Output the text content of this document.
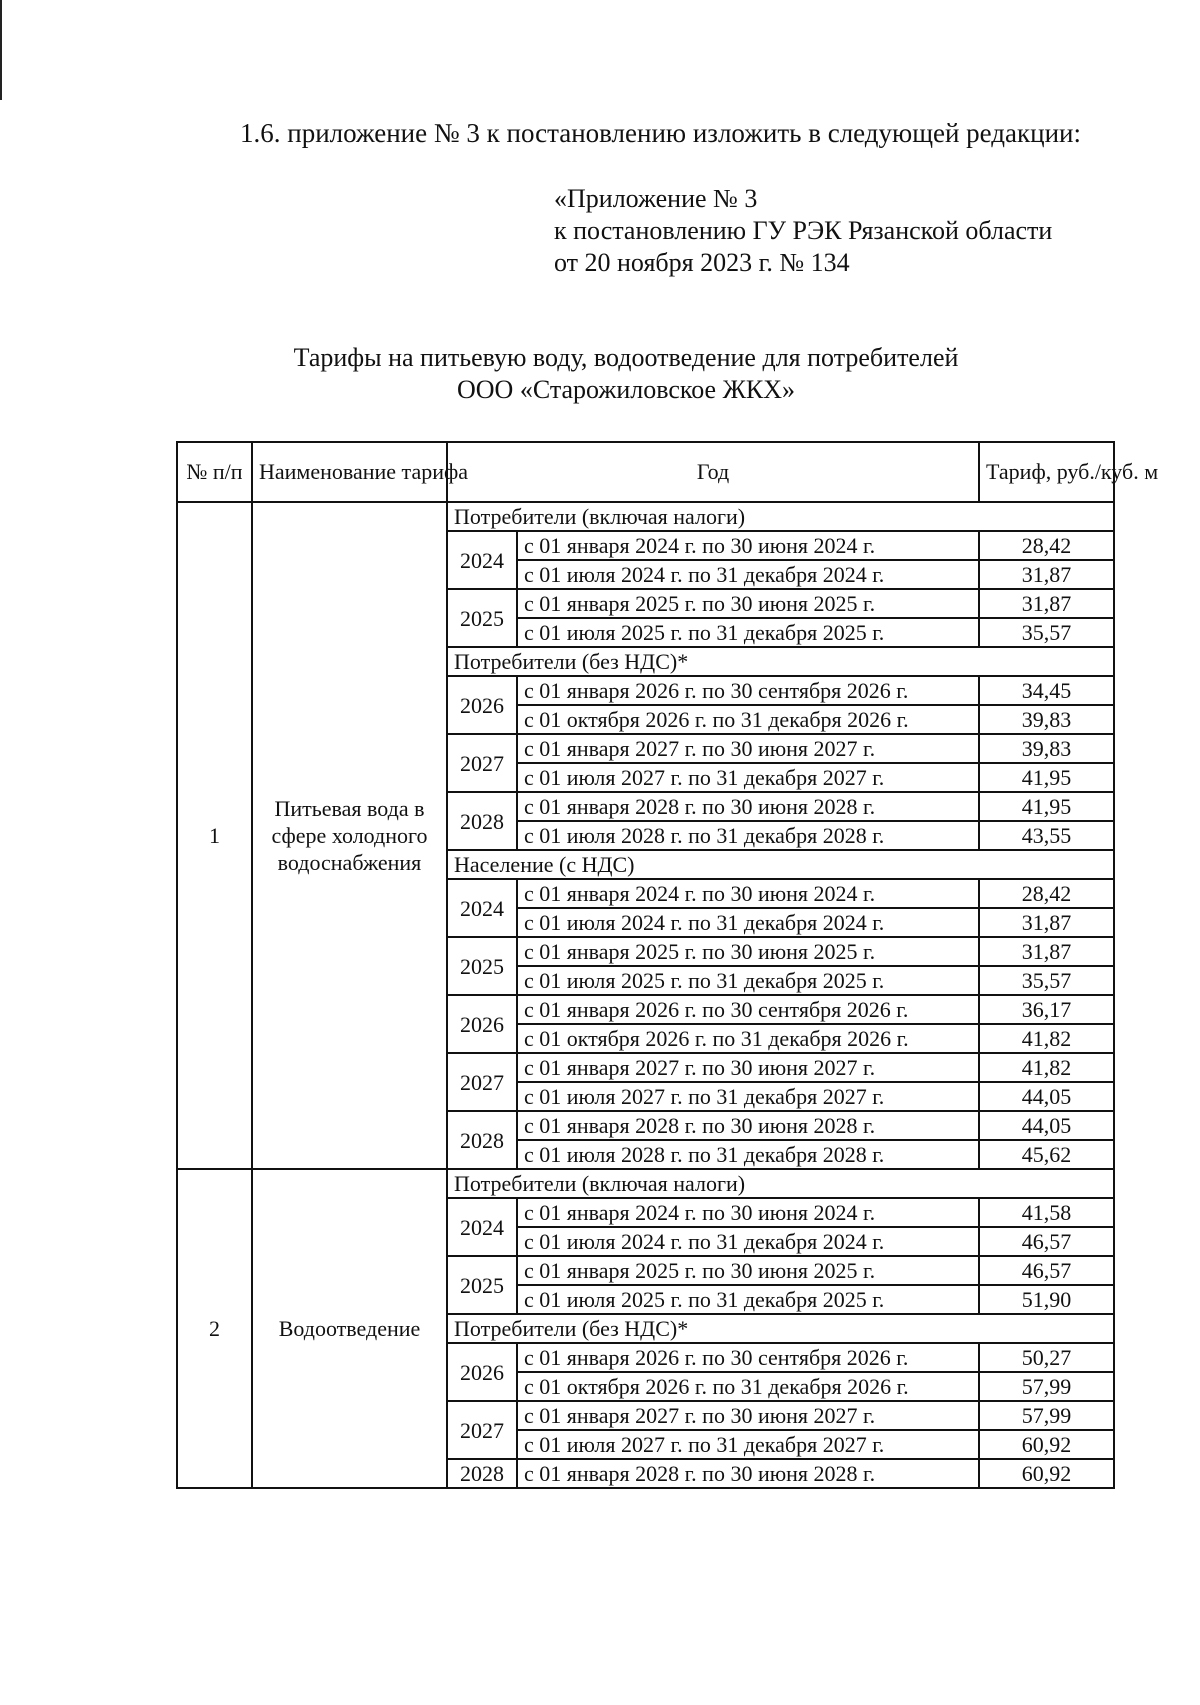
1.6. приложение № 3 к постановлению изложить в следующей редакции:
«Приложение № 3
к постановлению ГУ РЭК Рязанской области
от 20 ноября 2023 г. № 134
Тарифы на питьевую воду, водоотведение для потребителей
ООО «Старожиловское ЖКХ»
№ п/п	Наименование тарифа	Год		Тариф, руб./куб. м
1	Питьевая вода в сфере холодного водоснабжения	Потребители (включая налоги)		
		2024	с 01 января 2024 г. по 30 июня 2024 г.	28,42
			с 01 июля 2024 г. по 31 декабря 2024 г.	31,87
		2025	с 01 января 2025 г. по 30 июня 2025 г.	31,87
			с 01 июля 2025 г. по 31 декабря 2025 г.	35,57
		Потребители (без НДС)*		
		2026	с 01 января 2026 г. по 30 сентября 2026 г.	34,45
			с 01 октября 2026 г. по 31 декабря 2026 г.	39,83
		2027	с 01 января 2027 г. по 30 июня 2027 г.	39,83
			с 01 июля 2027 г. по 31 декабря 2027 г.	41,95
		2028	с 01 января 2028 г. по 30 июня 2028 г.	41,95
			с 01 июля 2028 г. по 31 декабря 2028 г.	43,55
		Население (с НДС)		
		2024	с 01 января 2024 г. по 30 июня 2024 г.	28,42
			с 01 июля 2024 г. по 31 декабря 2024 г.	31,87
		2025	с 01 января 2025 г. по 30 июня 2025 г.	31,87
			с 01 июля 2025 г. по 31 декабря 2025 г.	35,57
		2026	с 01 января 2026 г. по 30 сентября 2026 г.	36,17
			с 01 октября 2026 г. по 31 декабря 2026 г.	41,82
		2027	с 01 января 2027 г. по 30 июня 2027 г.	41,82
			с 01 июля 2027 г. по 31 декабря 2027 г.	44,05
		2028	с 01 января 2028 г. по 30 июня 2028 г.	44,05
			с 01 июля 2028 г. по 31 декабря 2028 г.	45,62
2	Водоотведение	Потребители (включая налоги)		
		2024	с 01 января 2024 г. по 30 июня 2024 г.	41,58
			с 01 июля 2024 г. по 31 декабря 2024 г.	46,57
		2025	с 01 января 2025 г. по 30 июня 2025 г.	46,57
			с 01 июля 2025 г. по 31 декабря 2025 г.	51,90
		Потребители (без НДС)*		
		2026	с 01 января 2026 г. по 30 сентября 2026 г.	50,27
			с 01 октября 2026 г. по 31 декабря 2026 г.	57,99
		2027	с 01 января 2027 г. по 30 июня 2027 г.	57,99
			с 01 июля 2027 г. по 31 декабря 2027 г.	60,92
		2028	с 01 января 2028 г. по 30 июня 2028 г.	60,92
